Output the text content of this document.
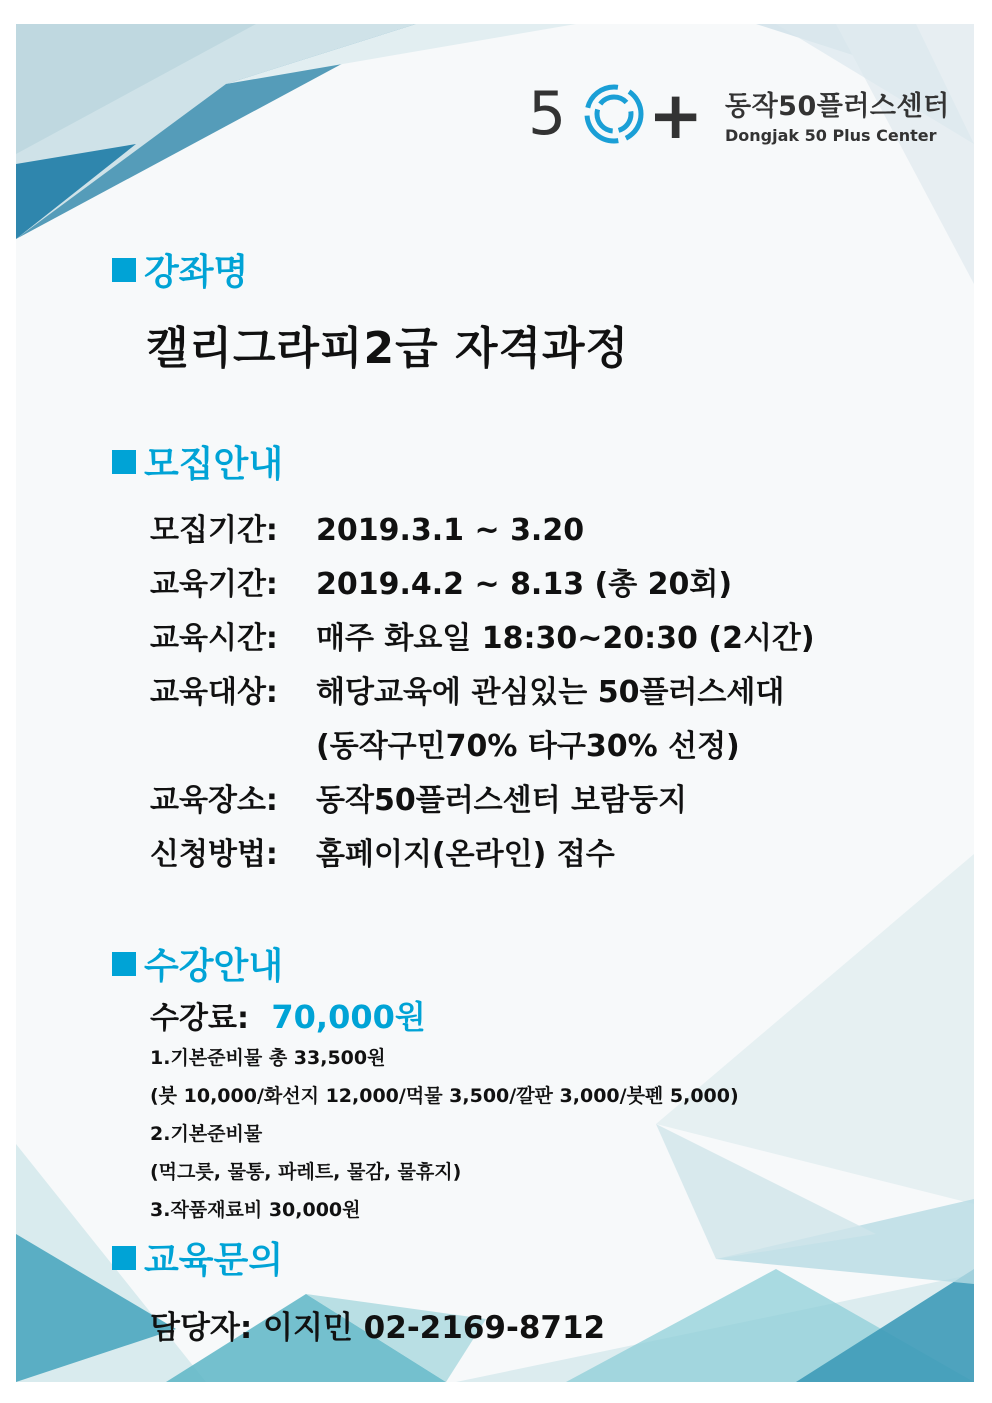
5 + 동작50플러스센터
Dongjak 50 Plus Center
강좌명
캘리그라피2급 자격과정
모집안내
모집기간:	2019.3.1 ~ 3.20
교육기간:	2019.4.2 ~ 8.13 (총 20회)
교육시간:	매주 화요일 18:30~20:30 (2시간)
교육대상:	해당교육에 관심있는 50플러스세대
(동작구민70% 타구30% 선정)
교육장소:	동작50플러스센터 보람둥지
신청방법:	홈페이지(온라인) 접수
수강안내
수강료: 70,000원
1.기본준비물 총 33,500원
(붓 10,000/화선지 12,000/먹물 3,500/깔판 3,000/붓펜 5,000)
2.기본준비물
(먹그릇, 물통, 파레트, 물감, 물휴지)
3.작품재료비 30,000원
교육문의
담당자: 이지민 02-2169-8712
